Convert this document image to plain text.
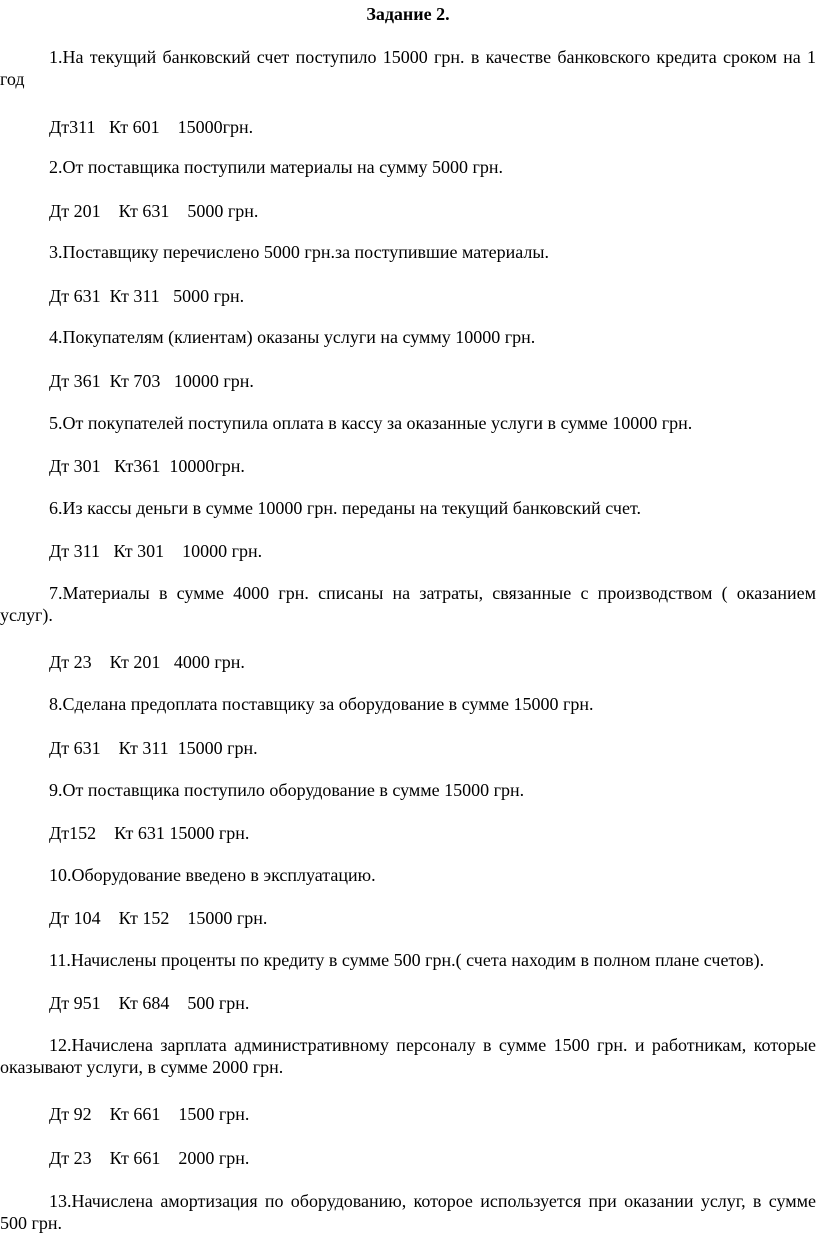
Задание 2.

1.На текущий банковский счет поступило 15000 грн. в качестве банковского кредита сроком на 1 год

Дт311   Кт 601    15000грн.

2.От поставщика поступили материалы на сумму 5000 грн.

Дт 201    Кт 631    5000 грн.

3.Поставщику перечислено 5000 грн.за поступившие материалы.

Дт 631  Кт 311   5000 грн.

4.Покупателям (клиентам) оказаны услуги на сумму 10000 грн.

Дт 361  Кт 703   10000 грн.

5.От покупателей поступила оплата в кассу за оказанные услуги в сумме 10000 грн.

Дт 301   Кт361  10000грн.

6.Из кассы деньги в сумме 10000 грн. переданы на текущий банковский счет.

Дт 311   Кт 301    10000 грн.

7.Материалы в сумме 4000 грн. списаны на затраты, связанные с производством ( оказанием услуг).

Дт 23    Кт 201   4000 грн.

8.Сделана предоплата поставщику за оборудование в сумме 15000 грн.

Дт 631    Кт 311  15000 грн.

9.От поставщика поступило оборудование в сумме 15000 грн.

Дт152    Кт 631 15000 грн.

10.Оборудование введено в эксплуатацию.

Дт 104    Кт 152    15000 грн.

11.Начислены проценты по кредиту в сумме 500 грн.( счета находим в полном плане счетов).

Дт 951    Кт 684    500 грн.

12.Начислена зарплата административному персоналу в сумме 1500 грн. и работникам, которые оказывают услуги, в сумме 2000 грн.

Дт 92    Кт 661    1500 грн.
Дт 23    Кт 661    2000 грн.

13.Начислена амортизация по оборудованию, которое используется при оказании услуг, в сумме 500 грн.
